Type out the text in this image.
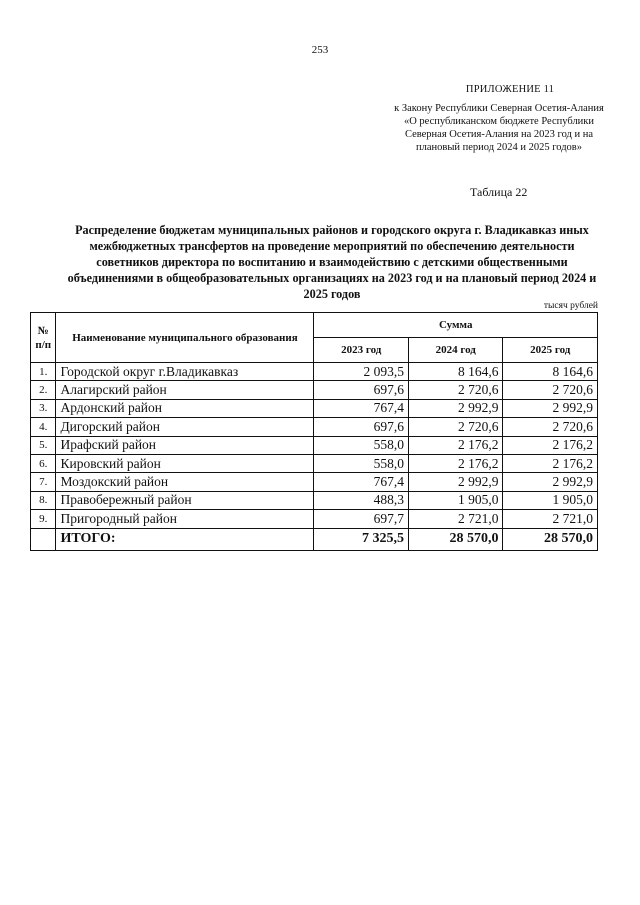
253
ПРИЛОЖЕНИЕ 11
к Закону Республики Северная Осетия-Алания «О республиканском бюджете Республики Северная Осетия-Алания на 2023 год и на плановый период 2024 и 2025 годов»
Таблица 22
Распределение бюджетам муниципальных районов и городского округа г. Владикавказ иных межбюджетных трансфертов на проведение мероприятий по обеспечению деятельности советников директора по воспитанию и взаимодействию с детскими общественными объединениями в общеобразовательных организациях на 2023 год и на плановый период 2024 и 2025 годов
тысяч рублей
№ п/п	Наименование муниципального образования	Сумма		
		2023 год	2024 год	2025 год
1.	Городской округ г.Владикавказ	2 093,5	8 164,6	8 164,6
2.	Алагирский район	697,6	2 720,6	2 720,6
3.	Ардонский район	767,4	2 992,9	2 992,9
4.	Дигорский район	697,6	2 720,6	2 720,6
5.	Ирафский район	558,0	2 176,2	2 176,2
6.	Кировский район	558,0	2 176,2	2 176,2
7.	Моздокский район	767,4	2 992,9	2 992,9
8.	Правобережный район	488,3	1 905,0	1 905,0
9.	Пригородный район	697,7	2 721,0	2 721,0
	ИТОГО:	7 325,5	28 570,0	28 570,0
